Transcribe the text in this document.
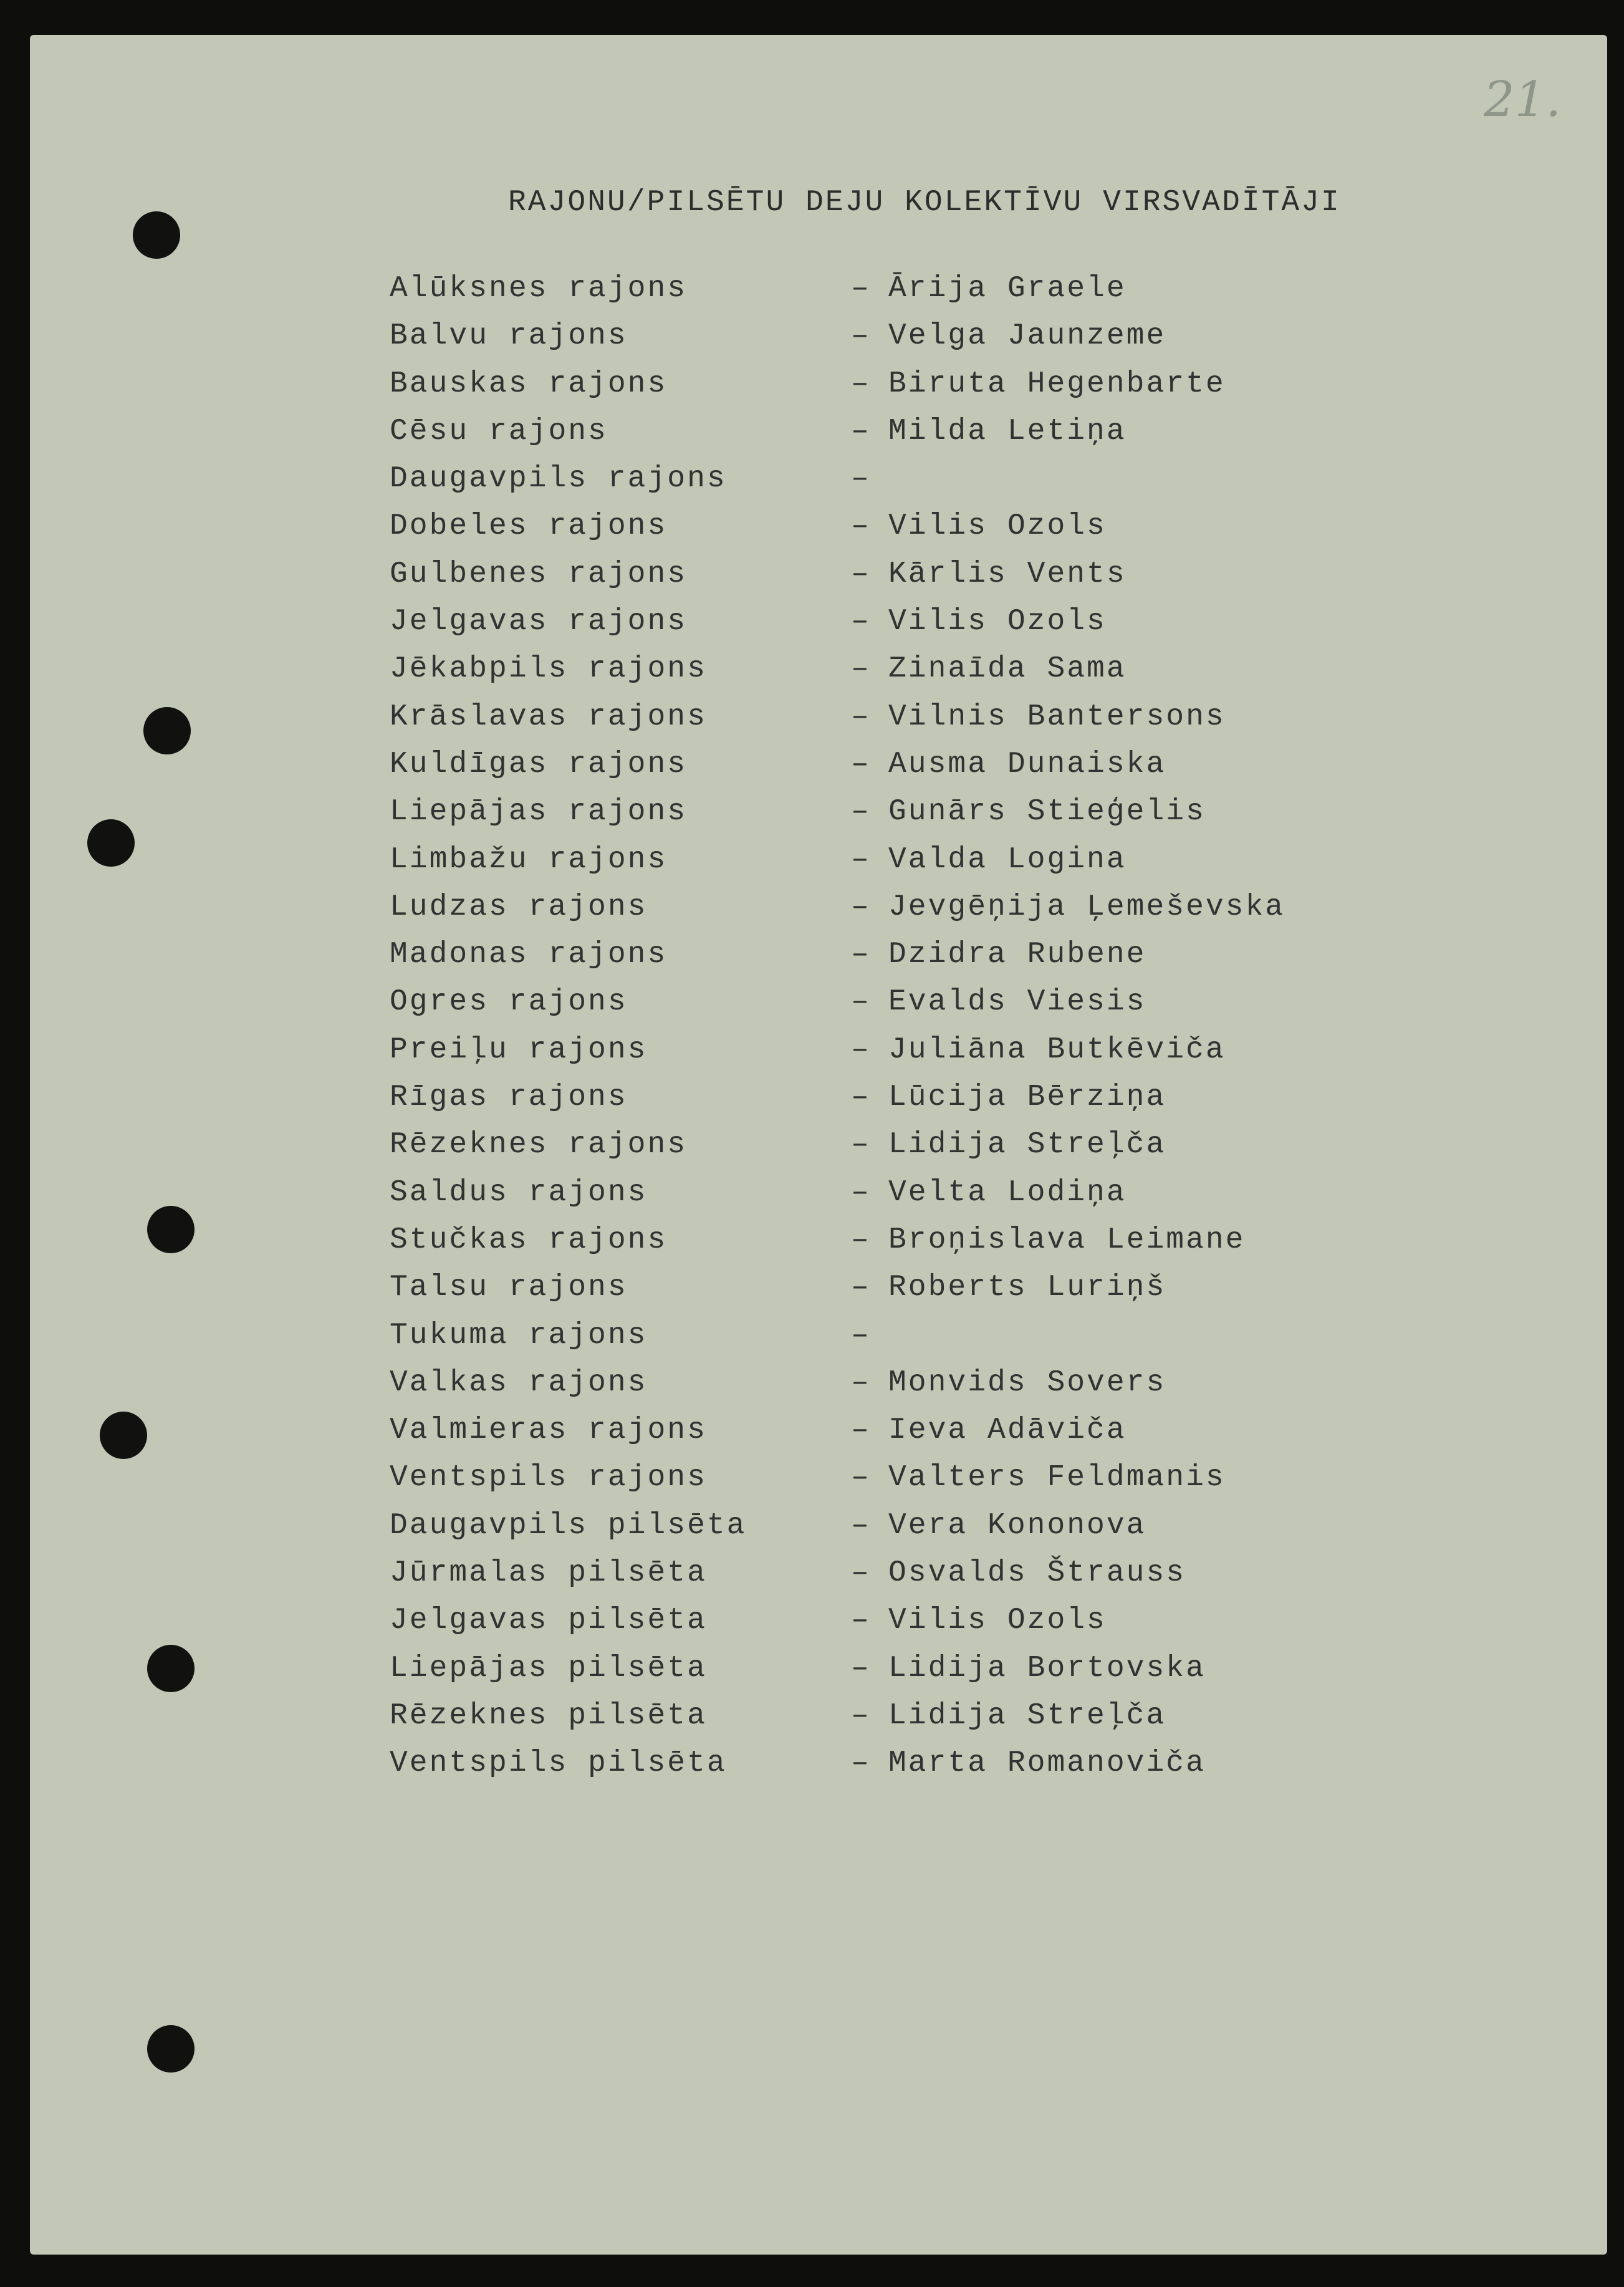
21.
RAJONU/PILSĒTU DEJU KOLEKTĪVU VIRSVADĪTĀJI
Alūksnes rajons	– Ārija Graele
Balvu rajons	– Velga Jaunzeme
Bauskas rajons	– Biruta Hegenbarte
Cēsu rajons	– Milda Letiņa
Daugavpils rajons	–
Dobeles rajons	– Vilis Ozols
Gulbenes rajons	– Kārlis Vents
Jelgavas rajons	– Vilis Ozols
Jēkabpils rajons	– Zinaīda Sama
Krāslavas rajons	– Vilnis Bantersons
Kuldīgas rajons	– Ausma Dunaiska
Liepājas rajons	– Gunārs Stieģelis
Limbažu rajons	– Valda Logina
Ludzas rajons	– Jevgēņija Ļemeševska
Madonas rajons	– Dzidra Rubene
Ogres rajons	– Evalds Viesis
Preiļu rajons	– Juliāna Butkēviča
Rīgas rajons	– Lūcija Bērziņa
Rēzeknes rajons	– Lidija Streļča
Saldus rajons	– Velta Lodiņa
Stučkas rajons	– Broņislava Leimane
Talsu rajons	– Roberts Luriņš
Tukuma rajons	–
Valkas rajons	– Monvids Sovers
Valmieras rajons	– Ieva Adāviča
Ventspils rajons	– Valters Feldmanis
Daugavpils pilsēta	– Vera Kononova
Jūrmalas pilsēta	– Osvalds Štrauss
Jelgavas pilsēta	– Vilis Ozols
Liepājas pilsēta	– Lidija Bortovska
Rēzeknes pilsēta	– Lidija Streļča
Ventspils pilsēta	– Marta Romanoviča
